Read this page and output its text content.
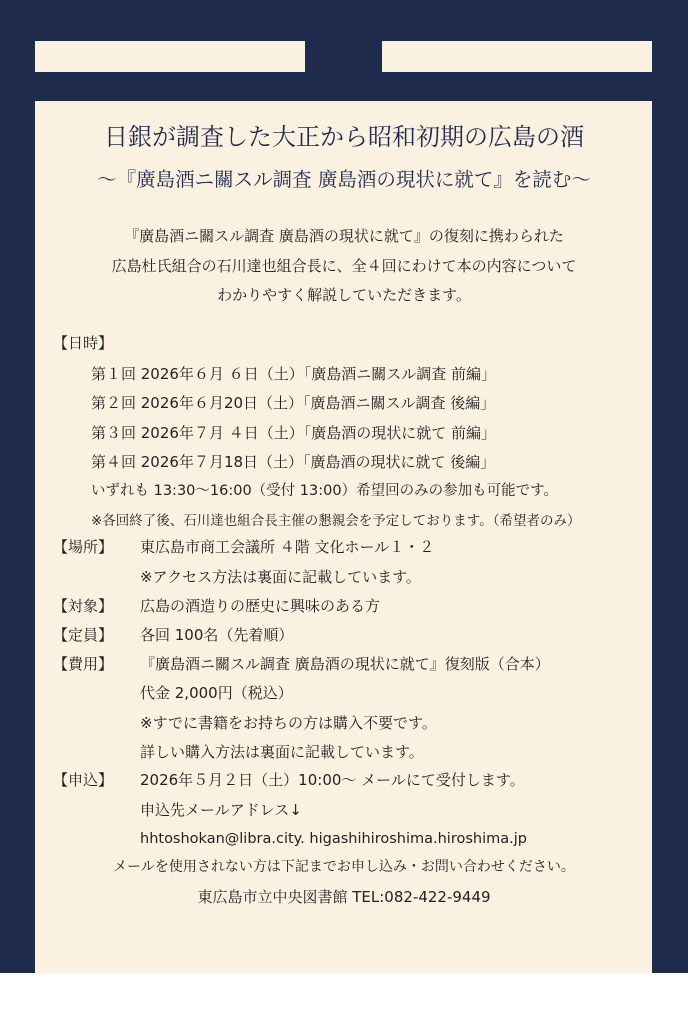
日銀が調査した大正から昭和初期の広島の酒
～『廣島酒ニ關スル調査 廣島酒の現状に就て』を読む～
『廣島酒ニ關スル調査 廣島酒の現状に就て』の復刻に携わられた
広島杜氏組合の石川達也組合長に、全４回にわけて本の内容について
わかりやすく解説していただきます。
【日時】
第１回 2026年６月 ６日（土）「廣島酒ニ關スル調査 前編」
第２回 2026年６月20日（土）「廣島酒ニ關スル調査 後編」
第３回 2026年７月 ４日（土）「廣島酒の現状に就て 前編」
第４回 2026年７月18日（土）「廣島酒の現状に就て 後編」
いずれも 13:30～16:00（受付 13:00）希望回のみの参加も可能です。
※各回終了後、石川達也組合長主催の懇親会を予定しております。（希望者のみ）
【場所】 東広島市商工会議所 ４階 文化ホール１・２
※アクセス方法は裏面に記載しています。
【対象】 広島の酒造りの歴史に興味のある方
【定員】 各回 100名（先着順）
【費用】 『廣島酒ニ關スル調査 廣島酒の現状に就て』復刻版（合本）
代金 2,000円（税込）
※すでに書籍をお持ちの方は購入不要です。
詳しい購入方法は裏面に記載しています。
【申込】 2026年５月２日（土）10:00～ メールにて受付します。
申込先メールアドレス↓
hhtoshokan@libra.city. higashihiroshima.hiroshima.jp
メールを使用されない方は下記までお申し込み・お問い合わせください。
東広島市立中央図書館 TEL:082-422-9449
